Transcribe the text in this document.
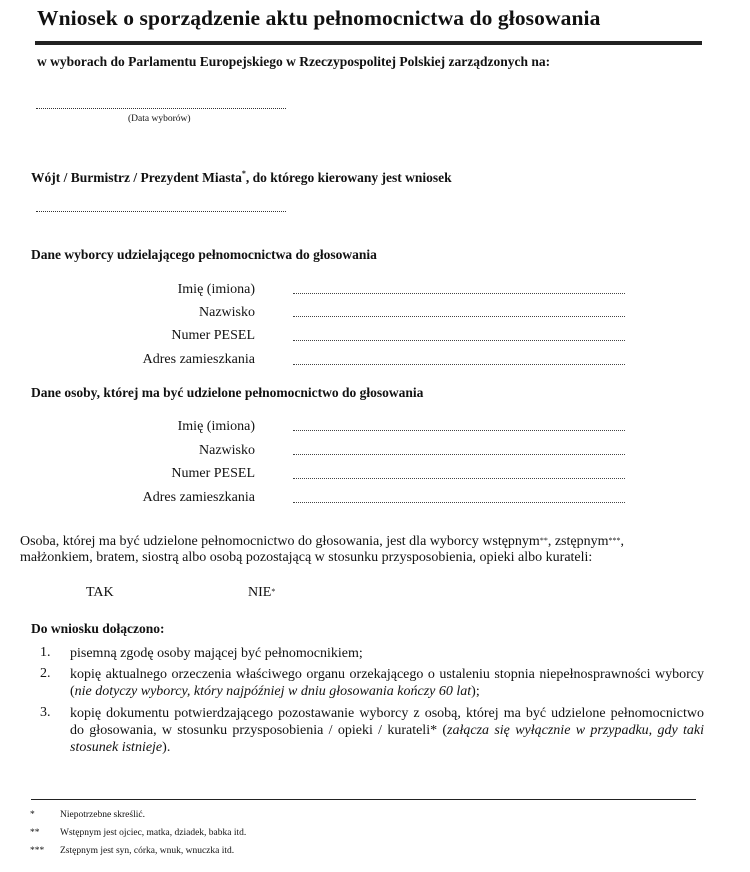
Wniosek o sporządzenie aktu pełnomocnictwa do głosowania
w wyborach do Parlamentu Europejskiego w Rzeczypospolitej Polskiej zarządzonych na:
(Data wyborów)
Wójt / Burmistrz / Prezydent Miasta*, do którego kierowany jest wniosek
Dane wyborcy udzielającego pełnomocnictwa do głosowania
Imię (imiona)
Nazwisko
Numer PESEL
Adres zamieszkania
Dane osoby, której ma być udzielone pełnomocnictwo do głosowania
Imię (imiona)
Nazwisko
Numer PESEL
Adres zamieszkania
Osoba, której ma być udzielone pełnomocnictwo do głosowania, jest dla wyborcy wstępnym**, zstępnym***,
małżonkiem, bratem, siostrą albo osobą pozostającą w stosunku przysposobienia, opieki albo kurateli:
TAK	NIE*
Do wniosku dołączono:
1. pisemną zgodę osoby mającej być pełnomocnikiem;
2. kopię aktualnego orzeczenia właściwego organu orzekającego o ustaleniu stopnia niepełnosprawności wyborcy (nie dotyczy wyborcy, który najpóźniej w dniu głosowania kończy 60 lat);
3. kopię dokumentu potwierdzającego pozostawanie wyborcy z osobą, której ma być udzielone pełnomocnictwo do głosowania, w stosunku przysposobienia / opieki / kurateli* (załącza się wyłącznie w przypadku, gdy taki stosunek istnieje).
*	Niepotrzebne skreślić.
** Wstępnym jest ojciec, matka, dziadek, babka itd.
*** Zstępnym jest syn, córka, wnuk, wnuczka itd.
